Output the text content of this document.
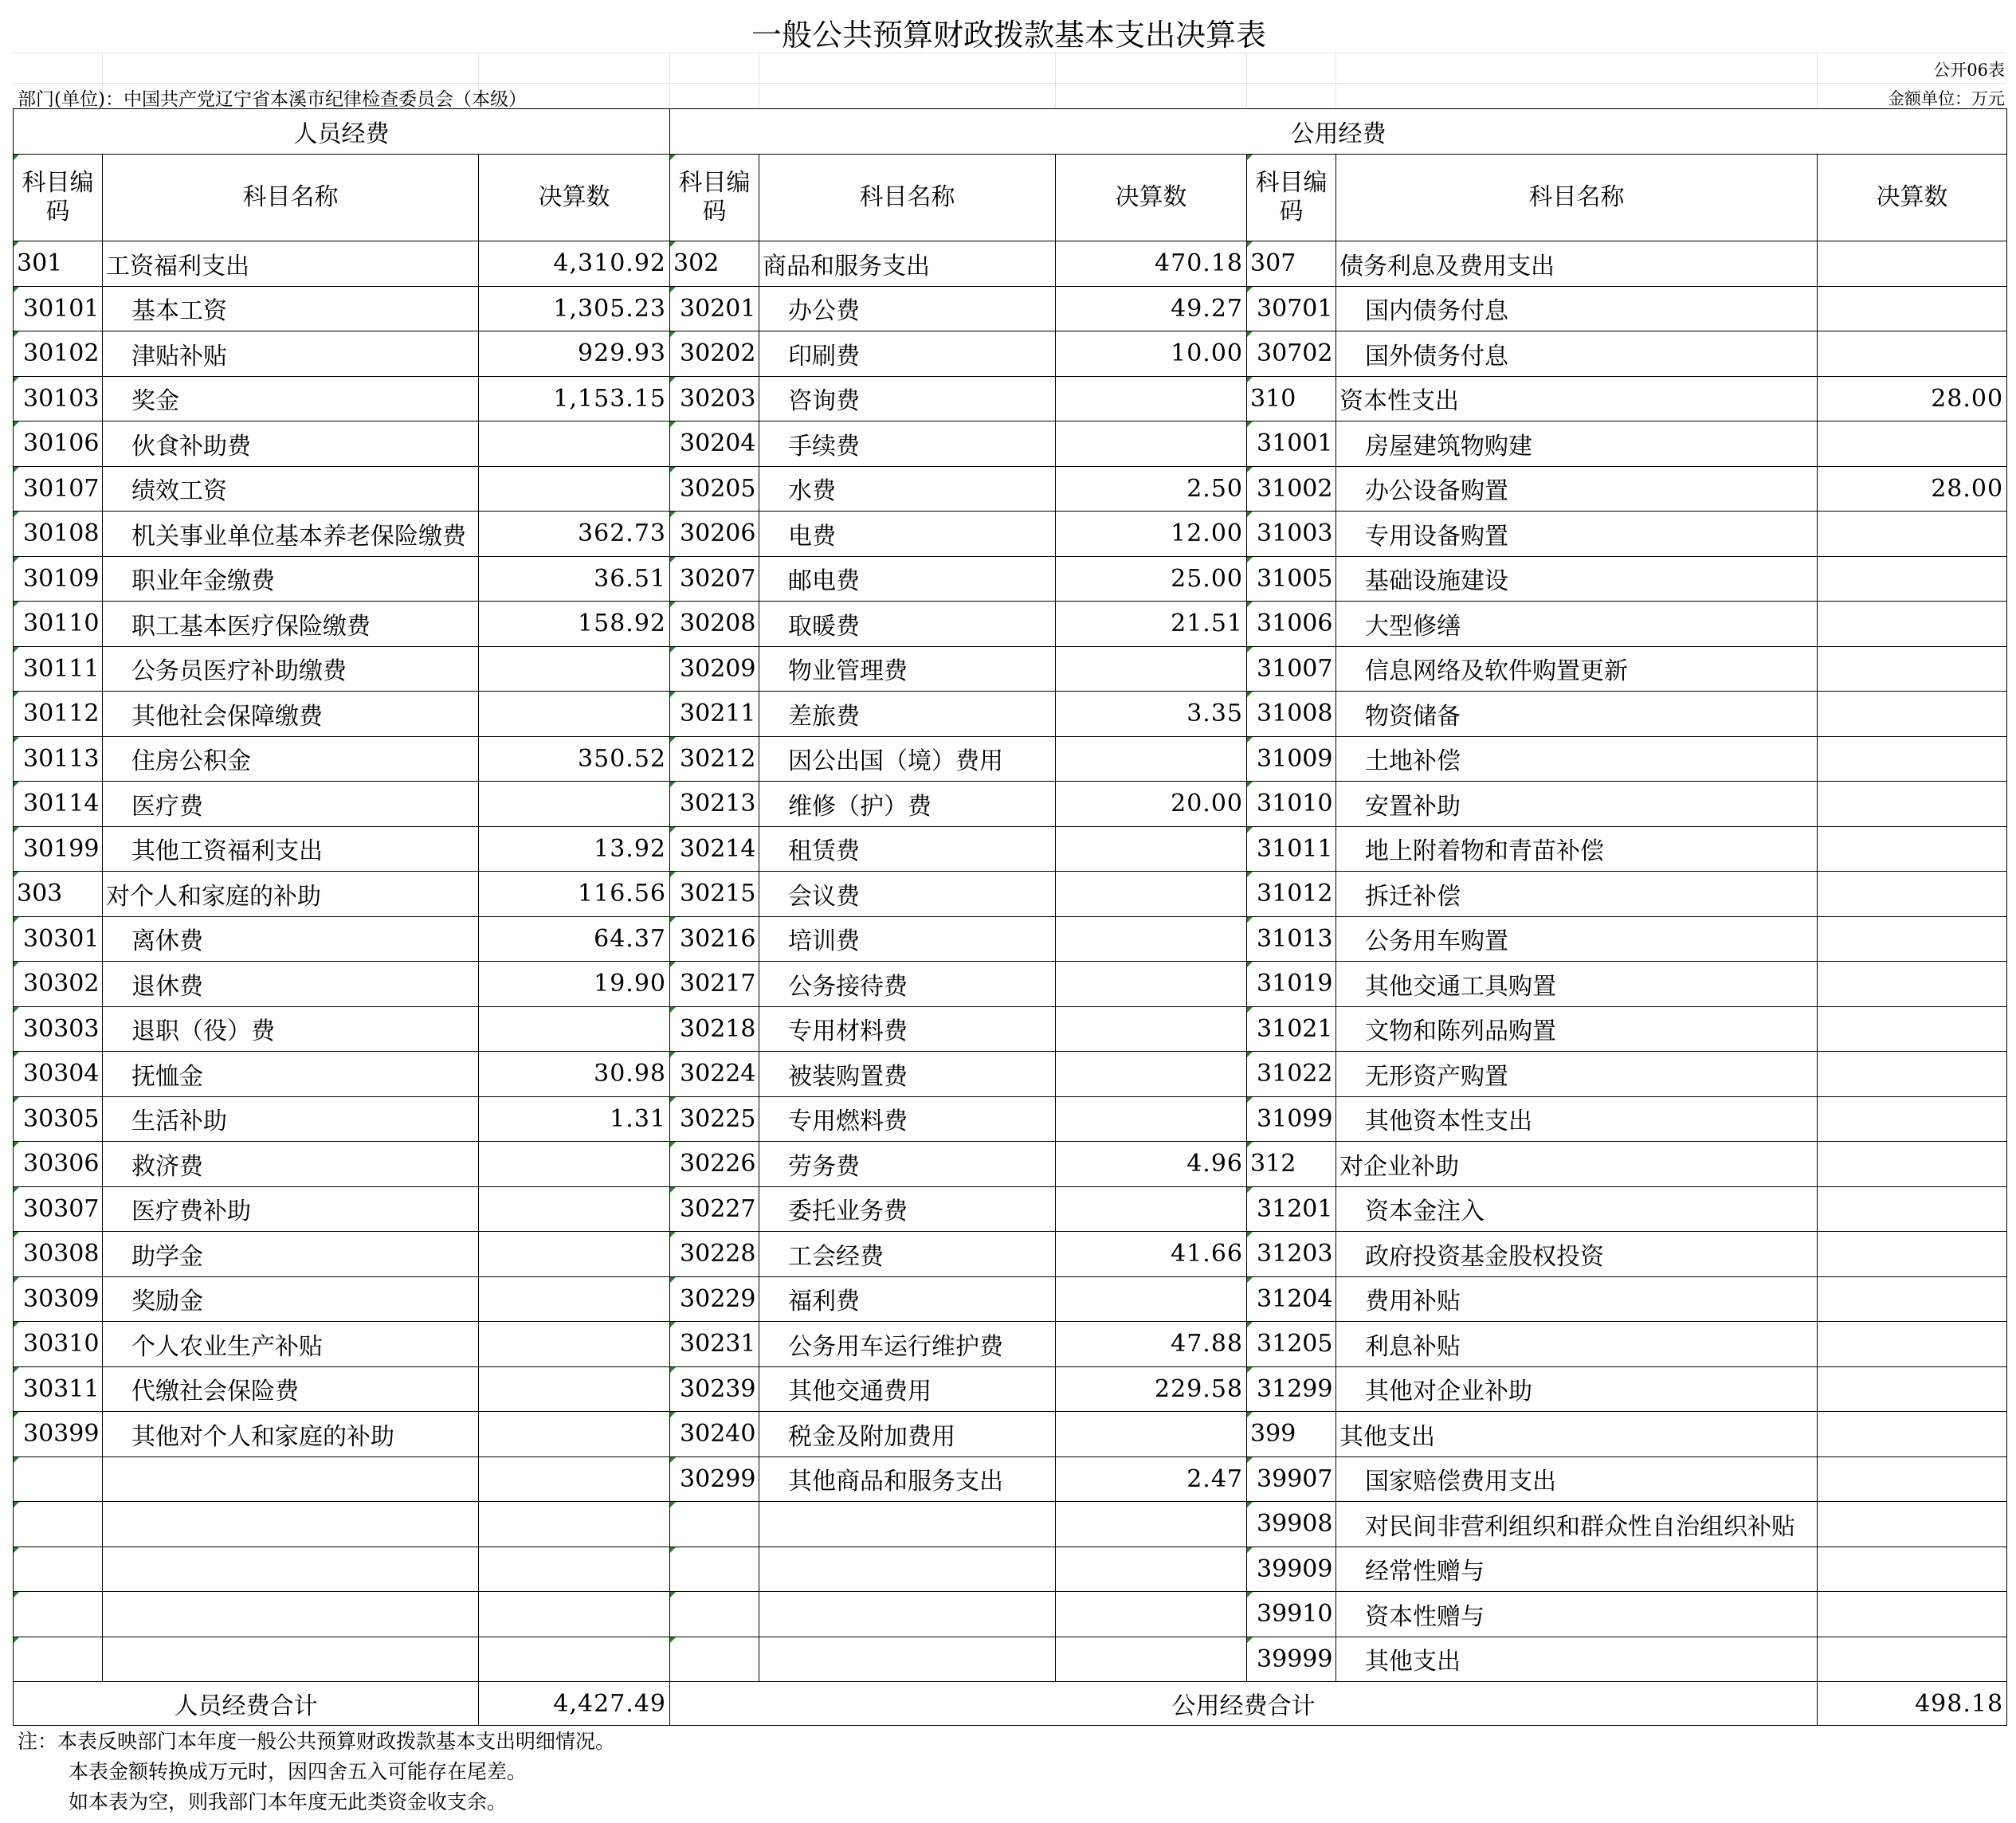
一般公共预算财政拨款基本支出决算表
公开06表
部门(单位)：中国共产党辽宁省本溪市纪律检查委员会（本级）	金额单位：万元
人员经费			公用经费					
科目编码	科目名称	决算数	科目编码	科目名称	决算数	科目编码	科目名称	决算数
301	工资福利支出	4,310.92	302	商品和服务支出	470.18	307	债务利息及费用支出	
30101	基本工资	1,305.23	30201	办公费	49.27	30701	国内债务付息	
30102	津贴补贴	929.93	30202	印刷费	10.00	30702	国外债务付息	
30103	奖金	1,153.15	30203	咨询费		310	资本性支出	28.00
30106	伙食补助费		30204	手续费		31001	房屋建筑物购建	
30107	绩效工资		30205	水费	2.50	31002	办公设备购置	28.00
30108	机关事业单位基本养老保险缴费	362.73	30206	电费	12.00	31003	专用设备购置	
30109	职业年金缴费	36.51	30207	邮电费	25.00	31005	基础设施建设	
30110	职工基本医疗保险缴费	158.92	30208	取暖费	21.51	31006	大型修缮	
30111	公务员医疗补助缴费		30209	物业管理费		31007	信息网络及软件购置更新	
30112	其他社会保障缴费		30211	差旅费	3.35	31008	物资储备	
30113	住房公积金	350.52	30212	因公出国（境）费用		31009	土地补偿	
30114	医疗费		30213	维修（护）费	20.00	31010	安置补助	
30199	其他工资福利支出	13.92	30214	租赁费		31011	地上附着物和青苗补偿	
303	对个人和家庭的补助	116.56	30215	会议费		31012	拆迁补偿	
30301	离休费	64.37	30216	培训费		31013	公务用车购置	
30302	退休费	19.90	30217	公务接待费		31019	其他交通工具购置	
30303	退职（役）费		30218	专用材料费		31021	文物和陈列品购置	
30304	抚恤金	30.98	30224	被装购置费		31022	无形资产购置	
30305	生活补助	1.31	30225	专用燃料费		31099	其他资本性支出	
30306	救济费		30226	劳务费	4.96	312	对企业补助	
30307	医疗费补助		30227	委托业务费		31201	资本金注入	
30308	助学金		30228	工会经费	41.66	31203	政府投资基金股权投资	
30309	奖励金		30229	福利费		31204	费用补贴	
30310	个人农业生产补贴		30231	公务用车运行维护费	47.88	31205	利息补贴	
30311	代缴社会保险费		30239	其他交通费用	229.58	31299	其他对企业补助	
30399	其他对个人和家庭的补助		30240	税金及附加费用		399	其他支出	
			30299	其他商品和服务支出	2.47	39907	国家赔偿费用支出	
						39908	对民间非营利组织和群众性自治组织补贴	
						39909	经常性赠与	
						39910	资本性赠与	
						39999	其他支出	
人员经费合计		4,427.49	公用经费合计					498.18
注：本表反映部门本年度一般公共预算财政拨款基本支出明细情况。
本表金额转换成万元时，因四舍五入可能存在尾差。
如本表为空，则我部门本年度无此类资金收支余。
